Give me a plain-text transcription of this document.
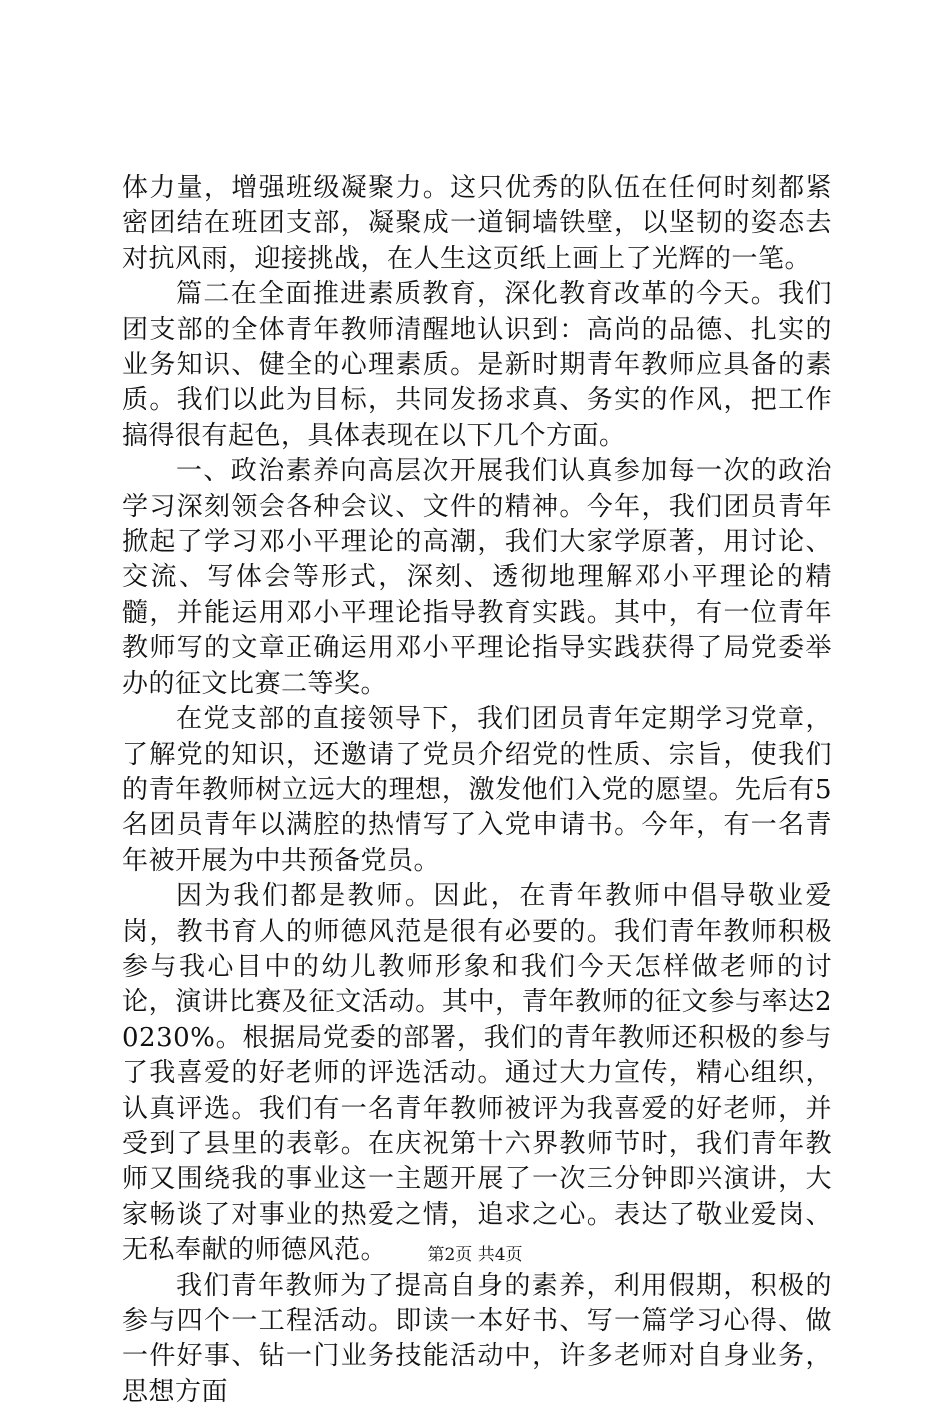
体力量，增强班级凝聚力。这只优秀的队伍在任何时刻都紧密团结在班团支部，凝聚成一道铜墙铁壁，以坚韧的姿态去对抗风雨，迎接挑战，在人生这页纸上画上了光辉的一笔。

篇二在全面推进素质教育，深化教育改革的今天。我们团支部的全体青年教师清醒地认识到：高尚的品德、扎实的业务知识、健全的心理素质。是新时期青年教师应具备的素质。我们以此为目标，共同发扬求真、务实的作风，把工作搞得很有起色，具体表现在以下几个方面。

一、政治素养向高层次开展我们认真参加每一次的政治学习深刻领会各种会议、文件的精神。今年，我们团员青年掀起了学习邓小平理论的高潮，我们大家学原著，用讨论、交流、写体会等形式，深刻、透彻地理解邓小平理论的精髓，并能运用邓小平理论指导教育实践。其中，有一位青年教师写的文章正确运用邓小平理论指导实践获得了局党委举办的征文比赛二等奖。

在党支部的直接领导下，我们团员青年定期学习党章，了解党的知识，还邀请了党员介绍党的性质、宗旨，使我们的青年教师树立远大的理想，激发他们入党的愿望。先后有5名团员青年以满腔的热情写了入党申请书。今年，有一名青年被开展为中共预备党员。

因为我们都是教师。因此，在青年教师中倡导敬业爱岗，教书育人的师德风范是很有必要的。我们青年教师积极参与我心目中的幼儿教师形象和我们今天怎样做老师的讨论，演讲比赛及征文活动。其中，青年教师的征文参与率达20230%。根据局党委的部署，我们的青年教师还积极的参与了我喜爱的好老师的评选活动。通过大力宣传，精心组织，认真评选。我们有一名青年教师被评为我喜爱的好老师，并受到了县里的表彰。在庆祝第十六界教师节时，我们青年教师又围绕我的事业这一主题开展了一次三分钟即兴演讲，大家畅谈了对事业的热爱之情，追求之心。表达了敬业爱岗、无私奉献的师德风范。

我们青年教师为了提高自身的素养，利用假期，积极的参与四个一工程活动。即读一本好书、写一篇学习心得、做一件好事、钻一门业务技能活动中，许多老师对自身业务，思想方面

第2页 共4页
